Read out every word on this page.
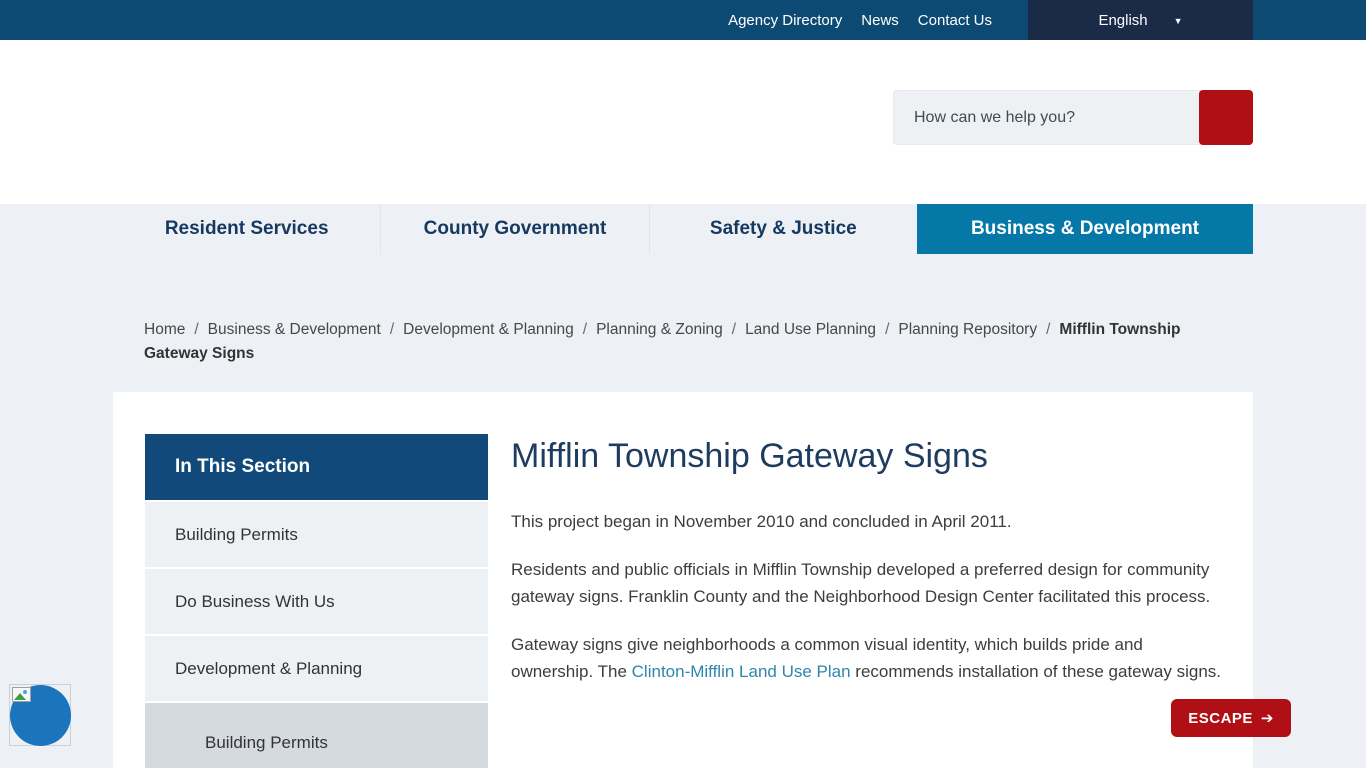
Agency Directory News Contact Us	English	▼
How can we help you?
Resident Services	County Government	Safety & Justice	Business & Development
Home / Business & Development / Development & Planning / Planning & Zoning / Land Use Planning / Planning Repository / Mifflin Township Gateway Signs
In This Section
Building Permits
Do Business With Us
Development & Planning
Building Permits
Mifflin Township Gateway Signs

This project began in November 2010 and concluded in April 2011.

Residents and public officials in Mifflin Township developed a preferred design for community gateway signs. Franklin County and the Neighborhood Design Center facilitated this process.

Gateway signs give neighborhoods a common visual identity, which builds pride and ownership. The Clinton-Mifflin Land Use Plan recommends installation of these gateway signs.

ESCAPE ➔
